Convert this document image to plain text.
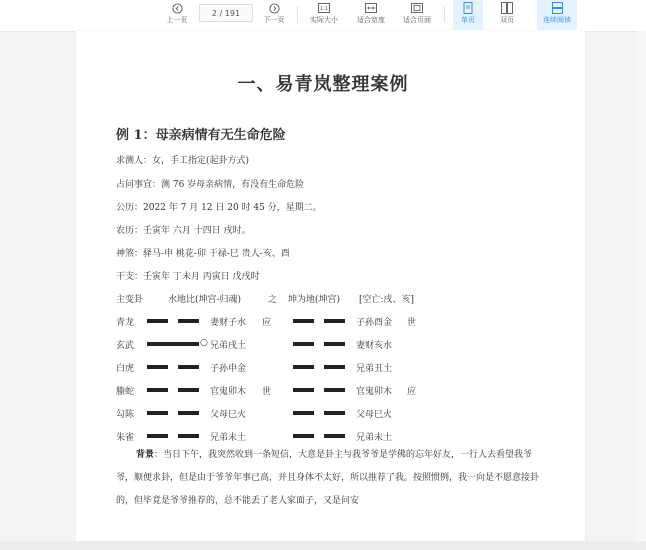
上一页
2 / 191
下一页
1:1
实际大小	适合宽度	适合页面	单页	双页	连续阅读
一、易青岚整理案例
例 1：母亲病情有无生命危险
求测人：女，手工指定(起卦方式)
占问事宜：测 76 岁母亲病情，有没有生命危险
公历：2022 年 7 月 12 日 20 时 45 分，星期二。
农历：壬寅年 六月 十四日 戌时。
神煞：驿马-申 桃花-卯 干禄-巳 贵人-亥、酉
干支：壬寅年 丁未月 丙寅日 戊戌时
主变卦	水地比(坤宫-归魂)	之 坤为地(坤宫) [空亡:戌、亥]
青龙	妻财子水 应	子孙酉金 世
玄武	○ 兄弟戌土	妻财亥水
白虎	子孙申金	兄弟丑土
螣蛇	官鬼卯木 世	官鬼卯木 应
勾陈	父母巳火	父母巳火
朱雀	兄弟未土	兄弟未土
背景：当日下午，我突然收到一条短信，大意是卦主与我爷爷是学佛的忘年好友，一行人去看望我爷爷，顺便求卦，但是由于爷爷年事已高，并且身体不太好，所以推荐了我。按照惯例，我一向是不愿意接卦的，但毕竟是爷爷推荐的，总不能丢了老人家面子，又是问安
